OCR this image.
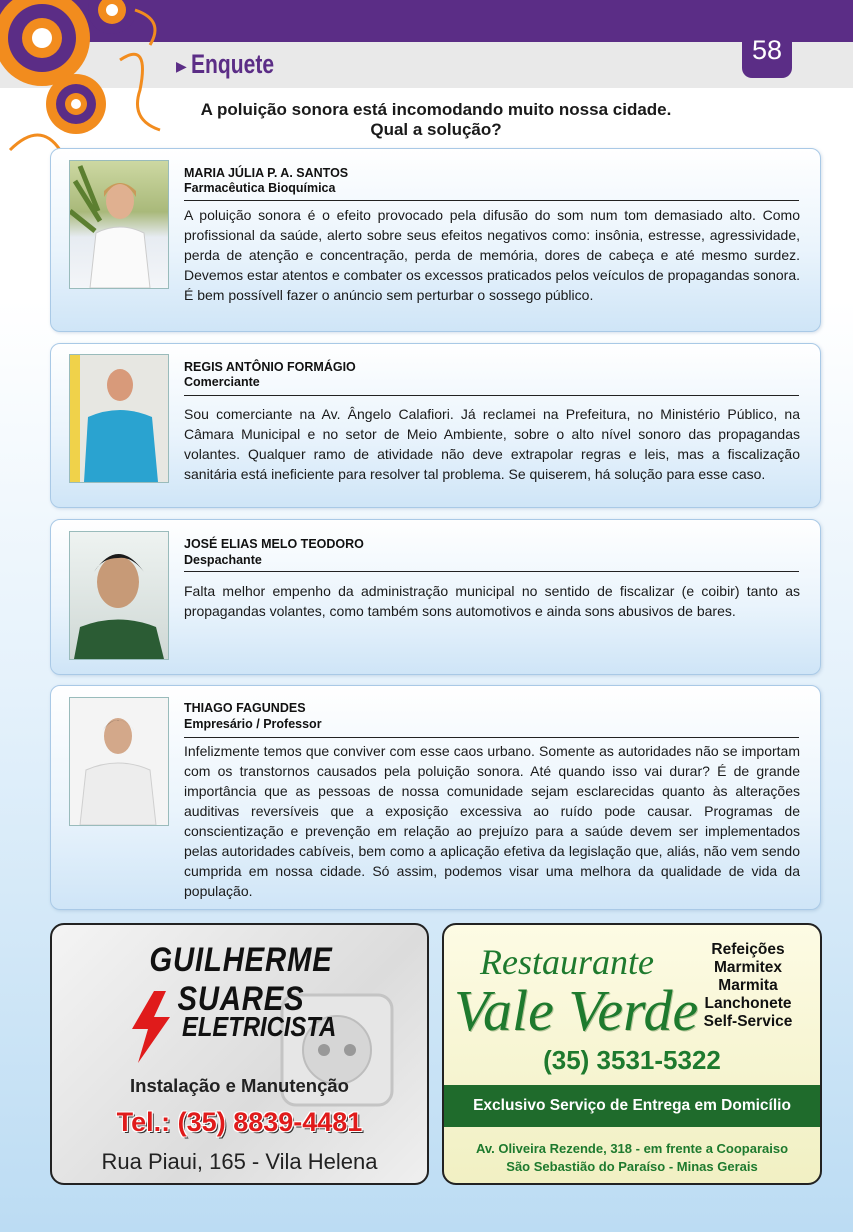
58
▶ Enquete
A poluição sonora está incomodando muito nossa cidade.
Qual a solução?
MARIA JÚLIA P. A. SANTOS
Farmacêutica Bioquímica
A poluição sonora é o efeito provocado pela difusão do som num tom demasiado alto. Como profissional da saúde, alerto sobre seus efeitos negativos como: insônia, estresse, agressividade, perda de atenção e concentração, perda de memória, dores de cabeça e até mesmo surdez. Devemos estar atentos e combater os excessos praticados pelos veículos de propagandas sonora. É bem possívell fazer o anúncio sem perturbar o sossego público.
REGIS ANTÔNIO FORMÁGIO
Comerciante
Sou comerciante na Av. Ângelo Calafiori. Já reclamei na Prefeitura, no Ministério Público, na Câmara Municipal e no setor de Meio Ambiente, sobre o alto nível sonoro das propagandas volantes. Qualquer ramo de atividade não deve extrapolar regras e leis, mas a fiscalização sanitária está ineficiente para resolver tal problema. Se quiserem, há solução para esse caso.
JOSÉ ELIAS MELO TEODORO
Despachante
Falta melhor empenho da administração municipal no sentido de fiscalizar (e coibir) tanto as propagandas volantes, como também sons automotivos e ainda sons abusivos de bares.
THIAGO FAGUNDES
Empresário / Professor
Infelizmente temos que conviver com esse caos urbano. Somente as autoridades não se importam com os transtornos causados pela poluição sonora. Até quando isso vai durar? É de grande importância que as pessoas de nossa comunidade sejam esclarecidas quanto às alterações auditivas reversíveis que a exposição excessiva ao ruído pode causar. Programas de conscientização e prevenção em relação ao prejuízo para a saúde devem ser implementados pelas autoridades cabíveis, bem como a aplicação efetiva da legislação que, aliás, não vem sendo cumprida em nossa cidade. Só assim, podemos visar uma melhora da qualidade de vida da população.
GUILHERME SUARES
ELETRICISTA
Instalação e Manutenção
Tel.: (35) 8839-4481
Rua Piaui, 165 - Vila Helena
Restaurante
Vale Verde
Refeições
Marmitex
Marmita
Lanchonete
Self-Service
(35) 3531-5322
Exclusivo Serviço de Entrega em Domicílio
Av. Oliveira Rezende, 318 - em frente a Cooparaiso
São Sebastião do Paraíso - Minas Gerais
